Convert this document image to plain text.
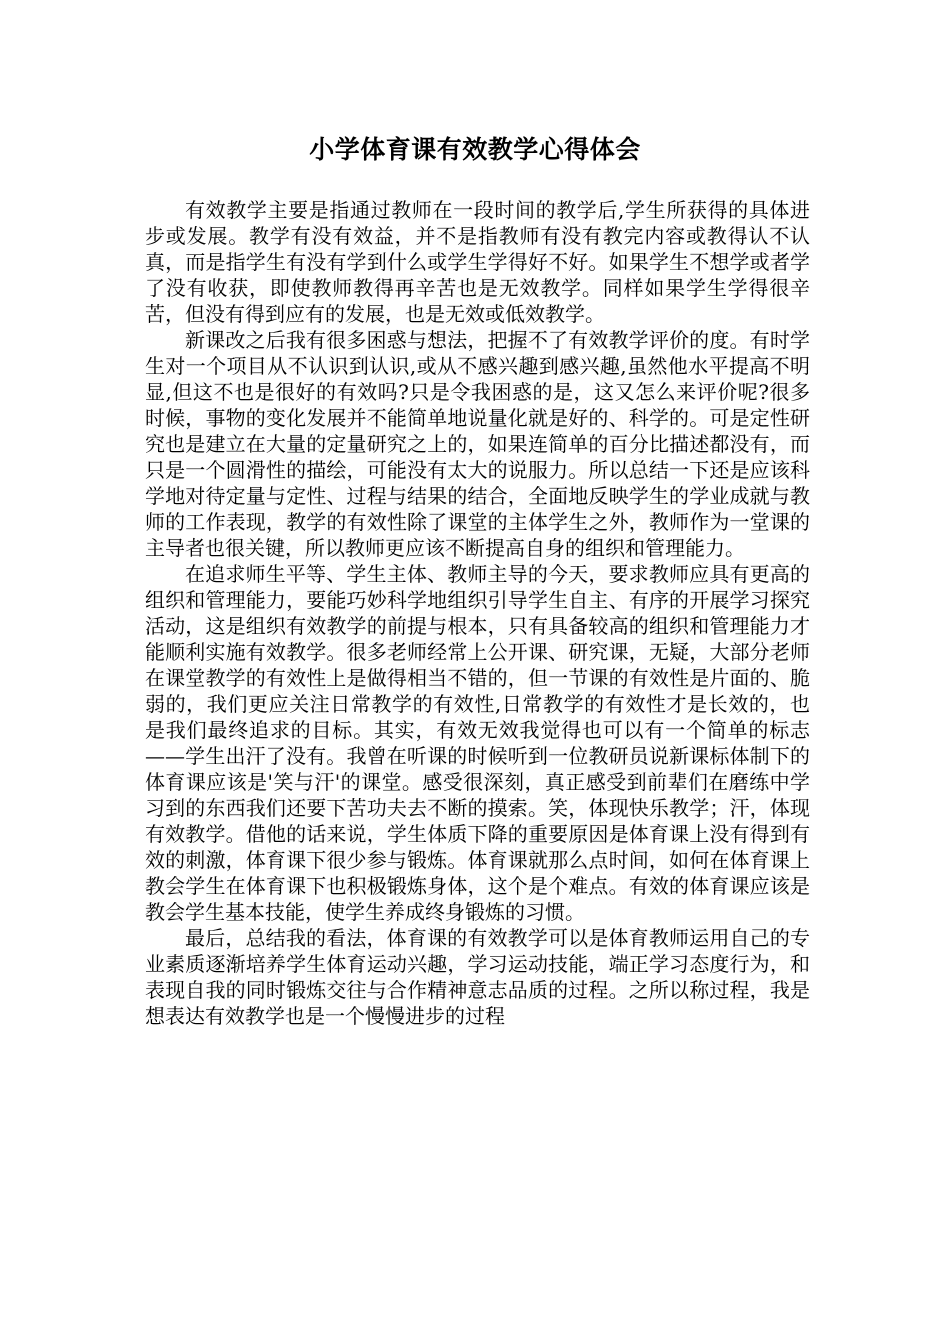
小学体育课有效教学心得体会

有效教学主要是指通过教师在一段时间的教学后,学生所获得的具体进步或发展。教学有没有效益，并不是指教师有没有教完内容或教得认不认真，而是指学生有没有学到什么或学生学得好不好。如果学生不想学或者学了没有收获，即使教师教得再辛苦也是无效教学。同样如果学生学得很辛苦，但没有得到应有的发展，也是无效或低效教学。

新课改之后我有很多困惑与想法，把握不了有效教学评价的度。有时学生对一个项目从不认识到认识,或从不感兴趣到感兴趣,虽然他水平提高不明显,但这不也是很好的有效吗?只是令我困惑的是，这又怎么来评价呢?很多时候，事物的变化发展并不能简单地说量化就是好的、科学的。可是定性研究也是建立在大量的定量研究之上的，如果连简单的百分比描述都没有，而只是一个圆滑性的描绘，可能没有太大的说服力。所以总结一下还是应该科学地对待定量与定性、过程与结果的结合，全面地反映学生的学业成就与教师的工作表现，教学的有效性除了课堂的主体学生之外，教师作为一堂课的主导者也很关键，所以教师更应该不断提高自身的组织和管理能力。

在追求师生平等、学生主体、教师主导的今天，要求教师应具有更高的组织和管理能力，要能巧妙科学地组织引导学生自主、有序的开展学习探究活动，这是组织有效教学的前提与根本，只有具备较高的组织和管理能力才能顺利实施有效教学。很多老师经常上公开课、研究课，无疑，大部分老师在课堂教学的有效性上是做得相当不错的，但一节课的有效性是片面的、脆弱的，我们更应关注日常教学的有效性,日常教学的有效性才是长效的，也是我们最终追求的目标。其实，有效无效我觉得也可以有一个简单的标志——学生出汗了没有。我曾在听课的时候听到一位教研员说新课标体制下的体育课应该是'笑与汗'的课堂。感受很深刻，真正感受到前辈们在磨练中学习到的东西我们还要下苦功夫去不断的摸索。笑，体现快乐教学；汗，体现有效教学。借他的话来说，学生体质下降的重要原因是体育课上没有得到有效的刺激，体育课下很少参与锻炼。体育课就那么点时间，如何在体育课上教会学生在体育课下也积极锻炼身体，这个是个难点。有效的体育课应该是教会学生基本技能，使学生养成终身锻炼的习惯。

最后，总结我的看法，体育课的有效教学可以是体育教师运用自己的专业素质逐渐培养学生体育运动兴趣，学习运动技能，端正学习态度行为，和表现自我的同时锻炼交往与合作精神意志品质的过程。之所以称过程，我是想表达有效教学也是一个慢慢进步的过程
